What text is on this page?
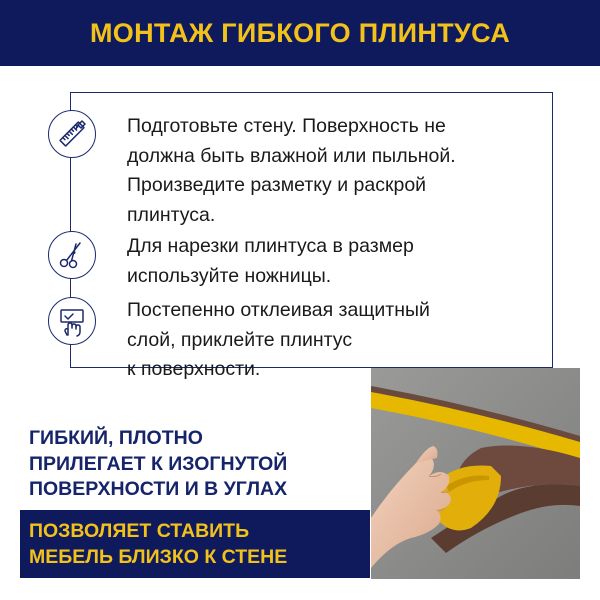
МОНТАЖ ГИБКОГО ПЛИНТУСА
Подготовьте стену. Поверхность не
должна быть влажной или пыльной.
Произведите разметку и раскрой
плинтуса.
Для нарезки плинтуса в размер
используйте ножницы.
Постепенно отклеивая защитный
слой, приклейте плинтус
к поверхности.
ГИБКИЙ, ПЛОТНО
ПРИЛЕГАЕТ К ИЗОГНУТОЙ
ПОВЕРХНОСТИ И В УГЛАХ
ПОЗВОЛЯЕТ СТАВИТЬ
МЕБЕЛЬ БЛИЗКО К СТЕНЕ
